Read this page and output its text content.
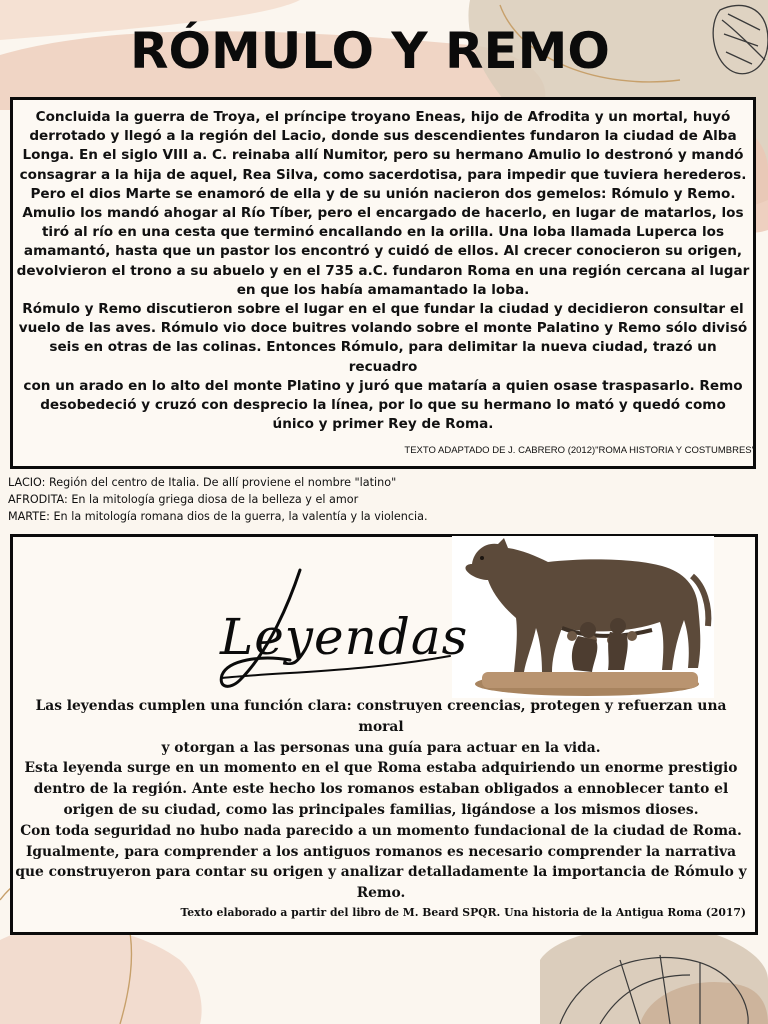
RÓMULO Y REMO
Concluida la guerra de Troya, el príncipe troyano Eneas, hijo de Afrodita y un mortal, huyó
derrotado y llegó a la región del Lacio, donde sus descendientes fundaron la ciudad de Alba
Longa. En el siglo VIII a. C. reinaba allí Numitor, pero su hermano Amulio lo destronó y mandó
consagrar a la hija de aquel, Rea Silva, como sacerdotisa, para impedir que tuviera herederos.
Pero el dios Marte se enamoró de ella y de su unión nacieron dos gemelos: Rómulo y Remo.
Amulio los mandó ahogar al Río Tíber, pero el encargado de hacerlo, en lugar de matarlos, los
tiró al río en una cesta que terminó encallando en la orilla. Una loba llamada Luperca los
amamantó, hasta que un pastor los encontró y cuidó de ellos. Al crecer conocieron su origen,
devolvieron el trono a su abuelo y en el 735 a.C. fundaron Roma en una región cercana al lugar
en que los había amamantado la loba.
Rómulo y Remo discutieron sobre el lugar en el que fundar la ciudad y decidieron consultar el
vuelo de las aves. Rómulo vio doce buitres volando sobre el monte Palatino y Remo sólo divisó
seis en otras de las colinas. Entonces Rómulo, para delimitar la nueva ciudad, trazó un recuadro
con un arado en lo alto del monte Platino y juró que mataría a quien osase traspasarlo. Remo
desobedeció y cruzó con desprecio la línea, por lo que su hermano lo mató y quedó como
único y primer Rey de Roma.
TEXTO ADAPTADO DE J. CABRERO (2012)"ROMA HISTORIA Y COSTUMBRES"
LACIO: Región del centro de Italia. De allí proviene el nombre "latino"
AFRODITA: En la mitología griega diosa de la belleza y el amor
MARTE: En la mitología romana dios de la guerra, la valentía y la violencia.
Leyendas
Las leyendas cumplen una función clara: construyen creencias, protegen y refuerzan una moral
y otorgan a las personas una guía para actuar en la vida.
Esta leyenda surge en un momento en el que Roma estaba adquiriendo un enorme prestigio
dentro de la región. Ante este hecho los romanos estaban obligados a ennoblecer tanto el
origen de su ciudad, como las principales familias, ligándose a los mismos dioses.
Con toda seguridad no hubo nada parecido a un momento fundacional de la ciudad de Roma.
Igualmente, para comprender a los antiguos romanos es necesario comprender la narrativa
que construyeron para contar su origen y analizar detalladamente la importancia de Rómulo y
Remo.
Texto elaborado a partir del libro de M. Beard SPQR. Una historia de la Antigua Roma (2017)
